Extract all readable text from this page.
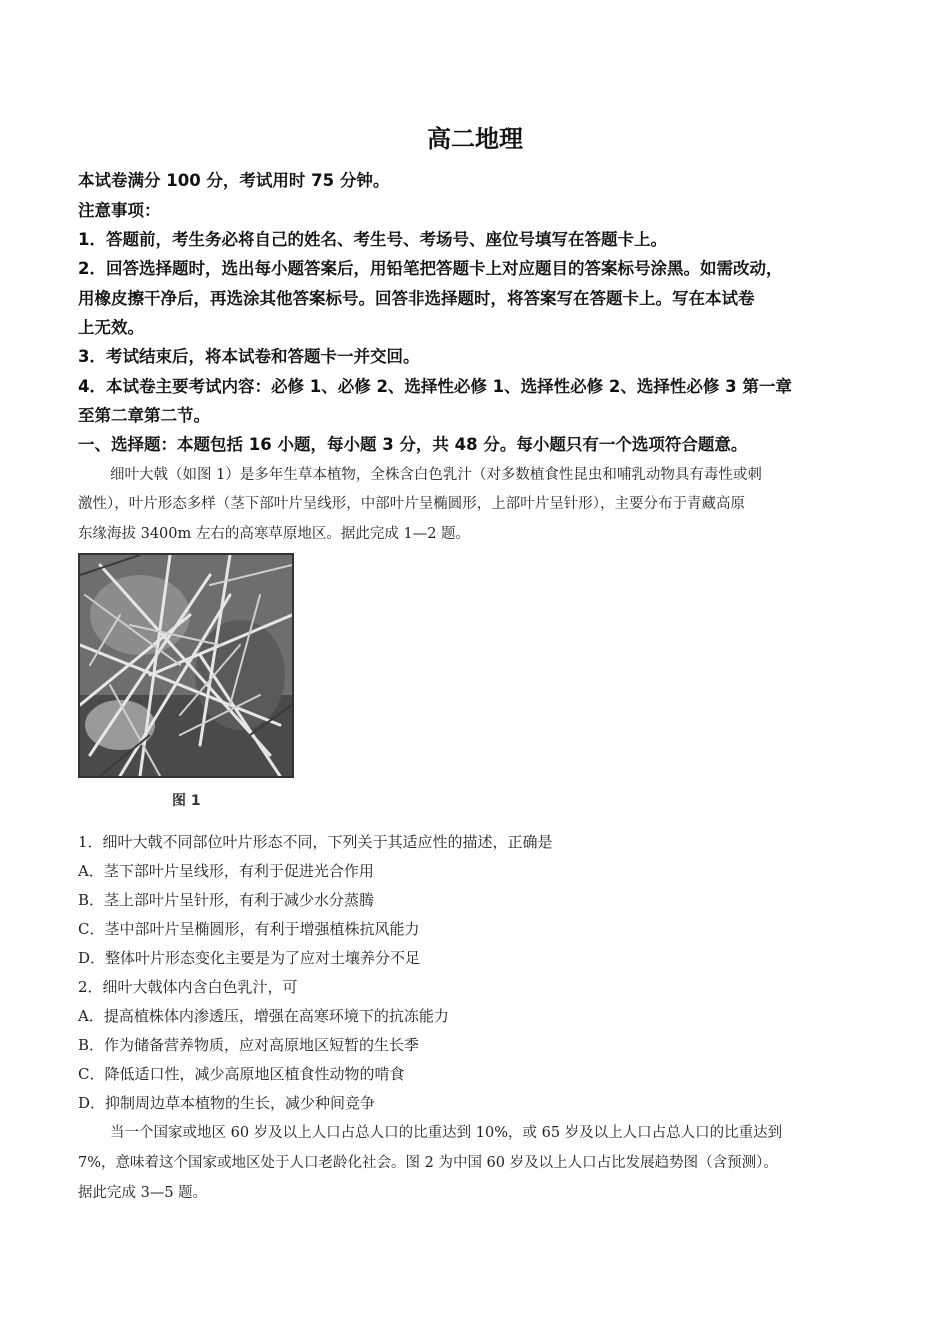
高二地理
本试卷满分 100 分，考试用时 75 分钟。
注意事项：
1．答题前，考生务必将自己的姓名、考生号、考场号、座位号填写在答题卡上。
2．回答选择题时，选出每小题答案后，用铅笔把答题卡上对应题目的答案标号涂黑。如需改动，
用橡皮擦干净后，再选涂其他答案标号。回答非选择题时，将答案写在答题卡上。写在本试卷
上无效。
3．考试结束后，将本试卷和答题卡一并交回。
4．本试卷主要考试内容：必修 1、必修 2、选择性必修 1、选择性必修 2、选择性必修 3 第一章
至第二章第二节。
一、选择题：本题包括 16 小题，每小题 3 分，共 48 分。每小题只有一个选项符合题意。
细叶大戟（如图 1）是多年生草本植物，全株含白色乳汁（对多数植食性昆虫和哺乳动物具有毒性或刺
激性），叶片形态多样（茎下部叶片呈线形，中部叶片呈椭圆形，上部叶片呈针形），主要分布于青藏高原
东缘海拔 3400m 左右的高寒草原地区。据此完成 1—2 题。
图 1
1．细叶大戟不同部位叶片形态不同，下列关于其适应性的描述，正确是
A．茎下部叶片呈线形，有利于促进光合作用
B．茎上部叶片呈针形，有利于减少水分蒸腾
C．茎中部叶片呈椭圆形，有利于增强植株抗风能力
D．整体叶片形态变化主要是为了应对土壤养分不足
2．细叶大戟体内含白色乳汁，可
A．提高植株体内渗透压，增强在高寒环境下的抗冻能力
B．作为储备营养物质，应对高原地区短暂的生长季
C．降低适口性，减少高原地区植食性动物的啃食
D．抑制周边草本植物的生长，减少种间竞争
当一个国家或地区 60 岁及以上人口占总人口的比重达到 10%，或 65 岁及以上人口占总人口的比重达到
7%，意味着这个国家或地区处于人口老龄化社会。图 2 为中国 60 岁及以上人口占比发展趋势图（含预测）。
据此完成 3—5 题。
